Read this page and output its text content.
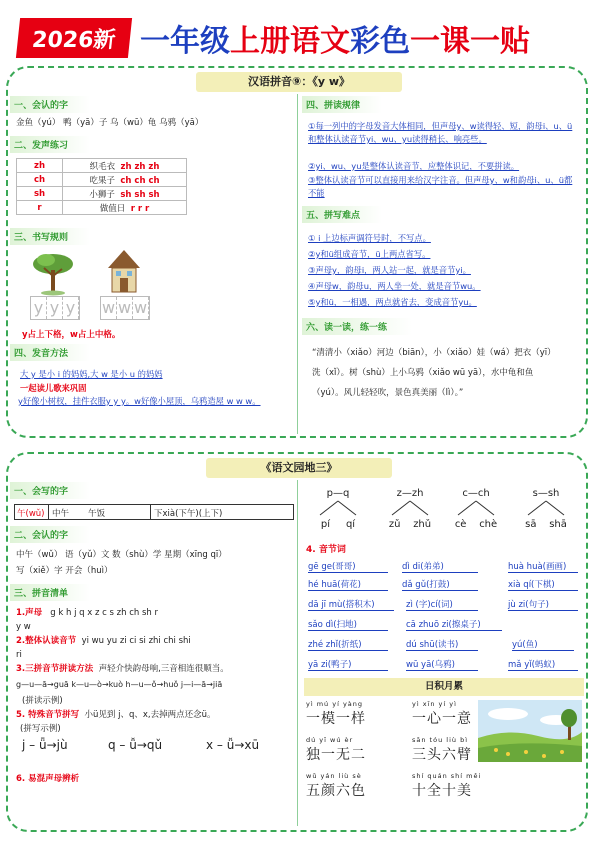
2026新 一年级上册语文彩色一课一贴
汉语拼音⑨：《y w》
一、会认的字
金鱼（yú） 鸭（yā）子 乌（wū）龟 乌鸦（yā）
二、发声练习
zh	织毛衣 zh zh zh
ch	吃果子 ch ch ch
sh	小狮子 sh sh sh
r	做值日 r r r
三、书写规则
y y y w w w
y占上下格，w占上中格。
四、发音方法
大 y 是小 i 的妈妈,大 w 是小 u 的妈妈
一起读儿歌来巩固
y好像小树杈，挂件衣服y y y。w好像小屋顶，乌鸦造屋 w w w。
四、拼读规律
①每一列中的字母发音大体相同，但声母y、w读得轻、短，韵母i、u、ü和整体认读音节yi、wu、yu读得稍长、响亮些。
②yi、wu、yu是整体认读音节，应整体识记，不要拼读。
③整体认读音节可以直接用来给汉字注音。但声母y、w和韵母i、u、ü都不能
五、拼写难点
① i 上边标声调符号时，不写点。
②y和ü组成音节，ü上两点省写。
③声母y，韵母i，两人站一起，就是音节yi。
④声母w，韵母u，两人坐一处，就是音节wu。
⑤y和ü，一相遇，两点就省去，变成音节yu。
六、读一读，练一练
“清清小（xiǎo）河边（biān），小（xiǎo）娃（wá）把衣（yī）
洗（xǐ）。树（shù）上小乌鸦（xiǎo wū yā），水中龟和鱼
（yú）。风儿轻轻吹，景色真美丽（lì）。”
《语文园地三》
一、会写的字
午(wǔ) 中午	午饭	下xià(下午)(上下)
二、会认的字
中午（wǔ） 语（yǔ）文 数（shù）学 星期（xīng qī）
写（xiě）字 开会（huì）
三、拼音清单
1.声母 g k h j q x z c s zh ch sh r
y w
2.整体认读音节 yi wu yu zi ci si zhi chi shi
ri
3.三拼音节拼读方法 声轻介快韵母响,三音相连很顺当。
g—u—ā→guā k—u—ò→kuò h—u—ǒ→huǒ j—i—ā→jiā
(拼读示例)
5. 特殊音节拼写 小ü见到 j、q、x,去掉两点还念ü。
(拼写示例)
j – ǖ→jù	q – ǚ→qǔ	x – ǚ→xū
6. 易混声母辨析
p—q
pí qí
z—zh
zǔ zhǔ
c—ch
cè chè
s—sh
sā shā
4. 音节词
gē ge(哥哥)	dì di(弟弟)	huà huà(画画)
hé huā(荷花)	dǎ gǔ(打鼓)	xià qí(下棋)
dā jī mù(搭积木)	zì (字)cí(词)	jù zi(句子)
sǎo dì(扫地)	cā zhuō zi(擦桌子)
zhé zhǐ(折纸)	dú shū(读书)	yú(鱼)
yā zi(鸭子)	wū yā(乌鸦)	mǎ yǐ(蚂蚁)
日积月累
yì mú yí yàng
一模一样
yì xīn yí yì
一心一意
dú yī wú èr
独一无二
sān tóu liù bì
三头六臂
wǔ yán liù sè
五颜六色
shí quán shí měi
十全十美
